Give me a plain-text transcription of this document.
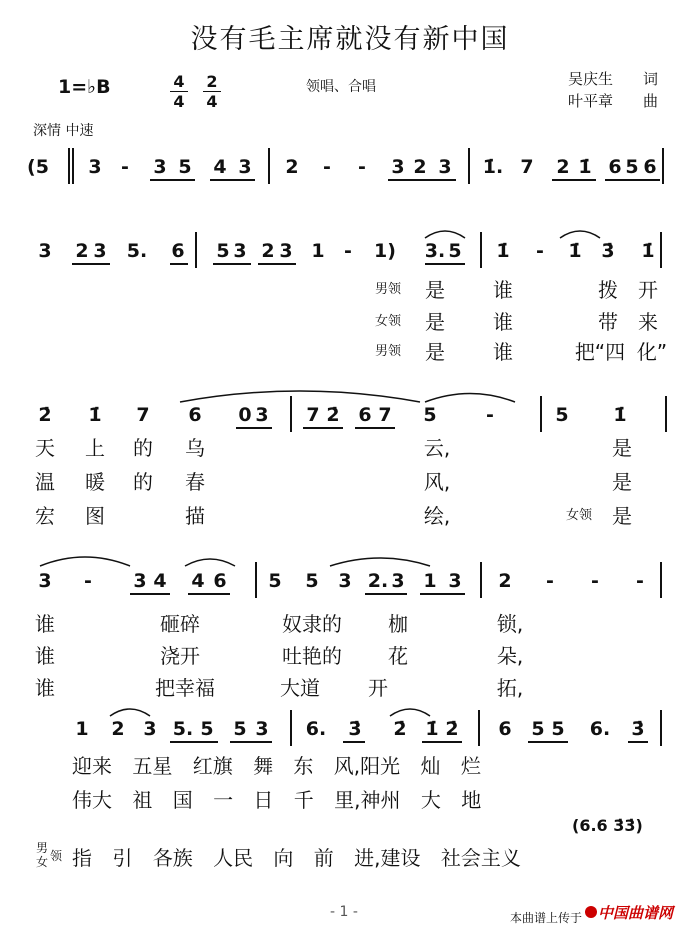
没有毛主席就没有新中国
1=♭B	4
4
2
4
领唱、合唱	吴庆生 词
叶平章 曲
深情 中速
(5 3 - 3 5 4 3 2 - - 3 2 3 1̇. 7 2 1̇ 6 5 6
3 2 3 5. 6 5 3 2 3 1 - 1) 3. 5 1̇ - 1̇ 3̇ 1̇
男领 是 谁	拨 开
女领 是 谁	带 来
男领 是 谁	把“四 化”
2̇ 1̇ 7 6 0 3 7 2̇ 6 7 5	-	5 1̇
天 上 的 乌	云,	是
温 暖 的 春	风,	是
宏 图	描	绘,	女领 是
3 - 3 4 4 6 5 5 3 2. 3 1 3 2 - - -
谁	砸碎	奴隶的 枷	锁,
谁	浇开	吐艳的 花	朵,
谁	把幸福	大道 开	拓,
1 2 3 5. 5 5 3 6. 3̇ 2̇ 1̇ 2̇ 6 5 5 6. 3̇
迎来 五星 红旗 舞 东 风,阳光 灿 烂
伟大 祖 国 一 日 千 里,神州 大 地
(6.6 3̇3̇)
男
女 领 指 引 各族 人民 向 前 进,建设 社会主义
- 1 -	本曲谱上传于 中国曲谱网
